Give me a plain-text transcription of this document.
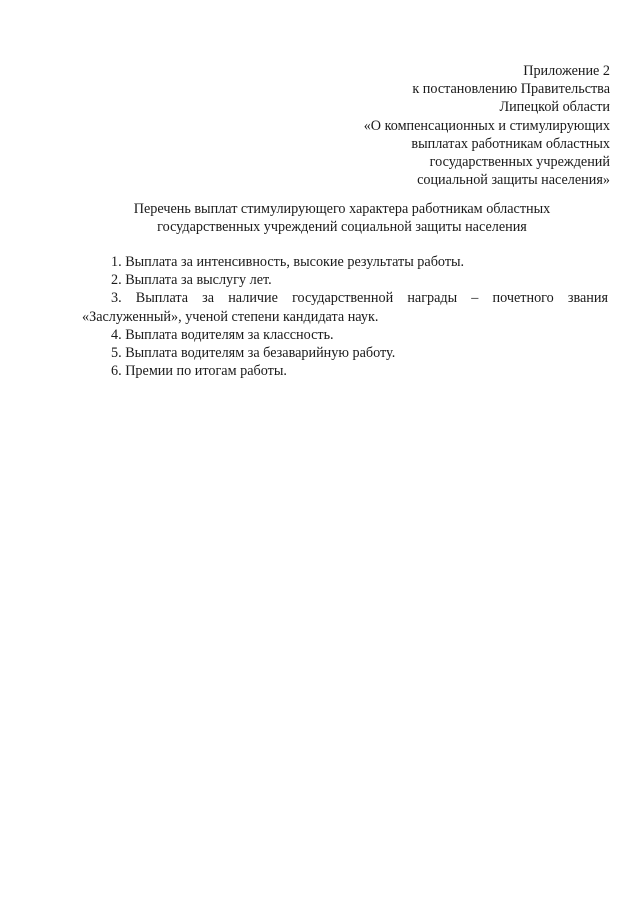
Приложение 2
к постановлению Правительства
Липецкой области
«О компенсационных и стимулирующих
выплатах работникам областных
государственных учреждений
социальной защиты населения»
Перечень выплат стимулирующего характера работникам областных
государственных учреждений социальной защиты населения
1. Выплата за интенсивность, высокие результаты работы.
2. Выплата за выслугу лет.
3. Выплата за наличие государственной награды – почетного звания
«Заслуженный», ученой степени кандидата наук.
4. Выплата водителям за классность.
5. Выплата водителям за безаварийную работу.
6. Премии по итогам работы.
